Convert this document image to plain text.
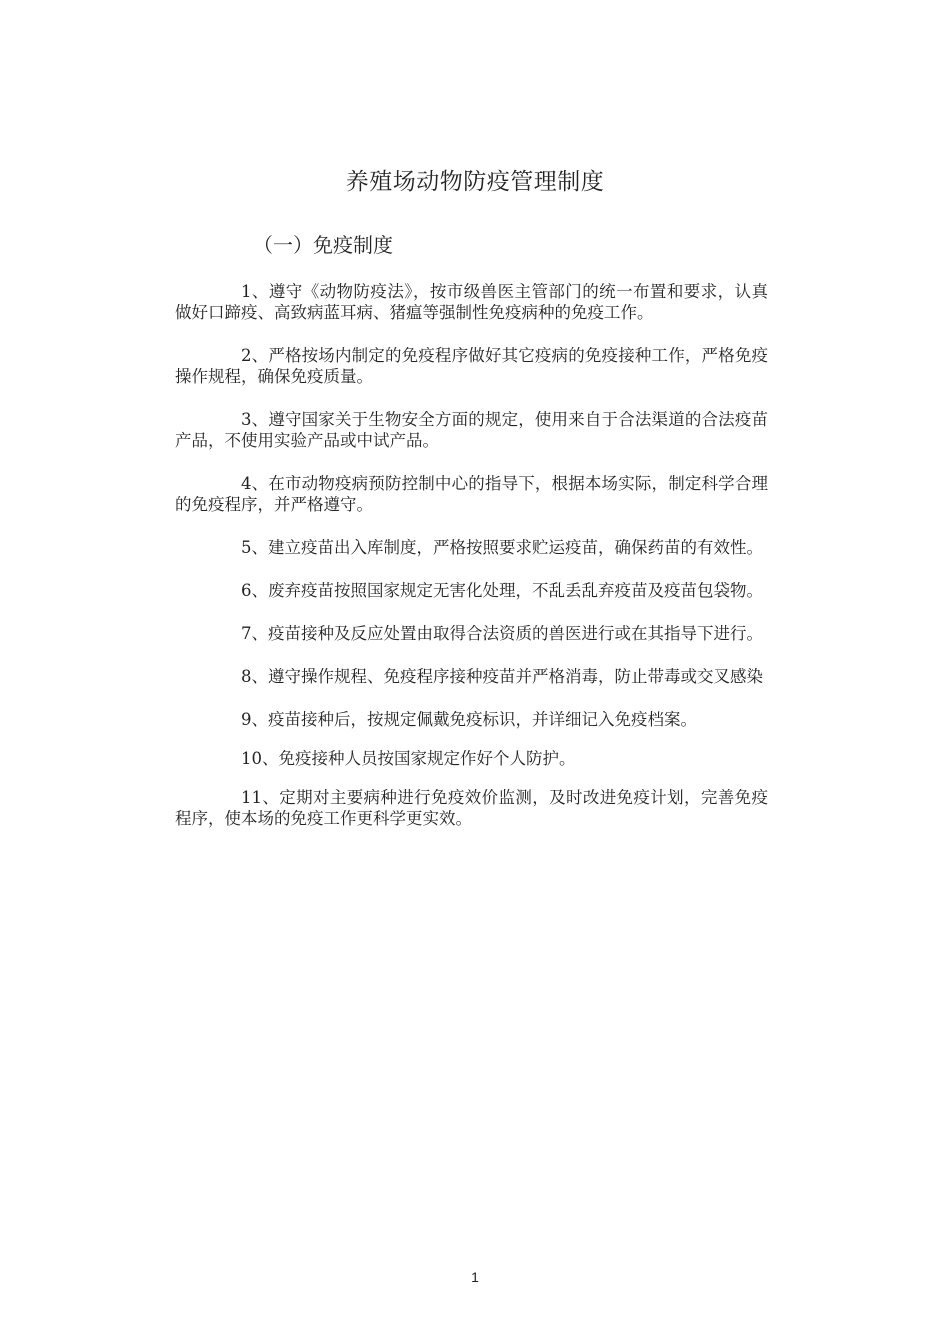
养殖场动物防疫管理制度
（一）免疫制度

1、遵守《动物防疫法》，按市级兽医主管部门的统一布置和要求，认真做好口蹄疫、高致病蓝耳病、猪瘟等强制性免疫病种的免疫工作。

2、严格按场内制定的免疫程序做好其它疫病的免疫接种工作，严格免疫操作规程，确保免疫质量。

3、遵守国家关于生物安全方面的规定，使用来自于合法渠道的合法疫苗产品，不使用实验产品或中试产品。

4、在市动物疫病预防控制中心的指导下，根据本场实际，制定科学合理的免疫程序，并严格遵守。

5、建立疫苗出入库制度，严格按照要求贮运疫苗，确保药苗的有效性。

6、废弃疫苗按照国家规定无害化处理，不乱丢乱弃疫苗及疫苗包袋物。

7、疫苗接种及反应处置由取得合法资质的兽医进行或在其指导下进行。

8、遵守操作规程、免疫程序接种疫苗并严格消毒，防止带毒或交叉感染

9、疫苗接种后，按规定佩戴免疫标识，并详细记入免疫档案。

10、免疫接种人员按国家规定作好个人防护。

11、定期对主要病种进行免疫效价监测，及时改进免疫计划，完善免疫程序，使本场的免疫工作更科学更实效。

1
